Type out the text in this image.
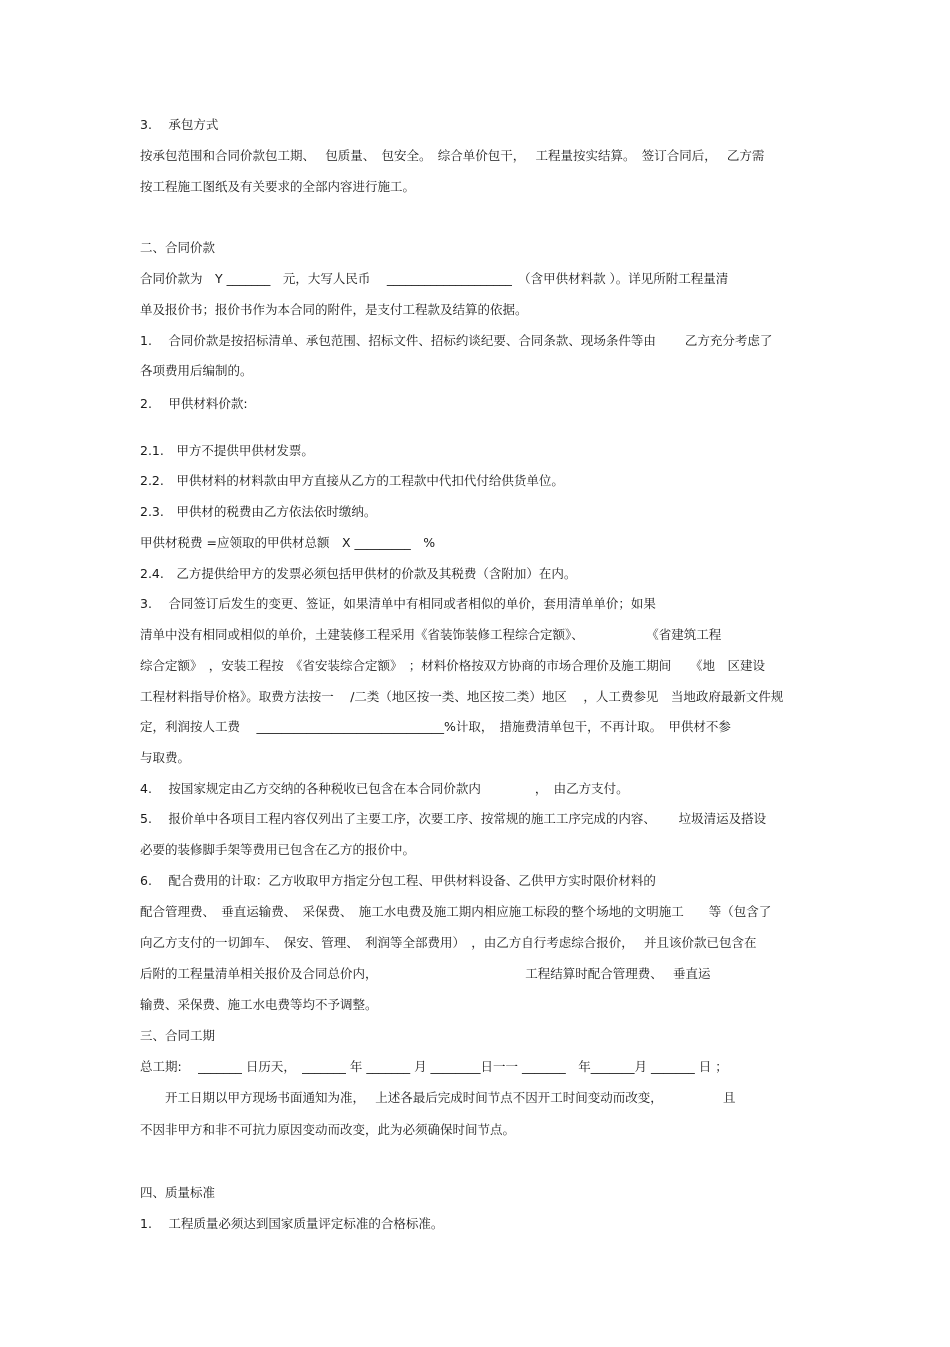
3.　 承包方式
按承包范围和合同价款包工期、　 包质量、　包安全。　综合单价包干，　 工程量按实结算。　签订合同后，　 乙方需
按工程施工图纸及有关要求的全部内容进行施工。
二、合同价款
合同价款为　Y _______　元，大写人民币　 ____________________　（含甲供材料款 ）。详见所附工程量清
单及报价书；报价书作为本合同的附件，是支付工程款及结算的依据。
1.　 合同价款是按招标清单、承包范围、招标文件、招标约谈纪要、合同条款、现场条件等由　　 乙方充分考虑了
各项费用后编制的。
2.　 甲供材料价款:
2.1.　甲方不提供甲供材发票。
2.2.　甲供材料的材料款由甲方直接从乙方的工程款中代扣代付给供货单位。
2.3.　甲供材的税费由乙方依法依时缴纳。
甲供材税费 =应领取的甲供材总额　X _________　%
2.4.　乙方提供给甲方的发票必须包括甲供材的价款及其税费（含附加）在内。
3.　 合同签订后发生的变更、签证，如果清单中有相同或者相似的单价，套用清单单价；如果
清单中没有相同或相似的单价，土建装修工程采用《省装饰装修工程综合定额》、　　　　　　《省建筑工程
综合定额》　，安装工程按　《省安装综合定额》　；材料价格按双方协商的市场合理价及施工期间　　《地　区建设
工程材料指导价格》。取费方法按一　 /二类（地区按一类、地区按二类）地区　 ，人工费参见　当地政府最新文件规
定，利润按人工费　 ______________________________%计取，　措施费清单包干，不再计取。　甲供材不参
与取费。
4.　 按国家规定由乙方交纳的各种税收已包含在本合同价款内　　　　 ，　由乙方支付。
5.　 报价单中各项目工程内容仅列出了主要工序，次要工序、按常规的施工工序完成的内容、　　 垃圾清运及搭设
必要的装修脚手架等费用已包含在乙方的报价中。
6.　 配合费用的计取：乙方收取甲方指定分包工程、甲供材料设备、乙供甲方实时限价材料的
配合管理费、　垂直运输费、　采保费、　施工水电费及施工期内相应施工标段的整个场地的文明施工　　等（包含了
向乙方支付的一切卸车、　保安、管理、　利润等全部费用）　，由乙方自行考虑综合报价，　 并且该价款已包含在
后附的工程量清单相关报价及合同总价内，　　　　　　　　　　　　 工程结算时配合管理费、　 垂直运
输费、采保费、施工水电费等均不予调整。
三、合同工期
总工期:　 _______ 日历天，　_______ 年 _______ 月 ________日一一 _______　年_______月 _______ 日 ；
　　开工日期以甲方现场书面通知为准，　 上述各最后完成时间节点不因开工时间变动而改变，　　　　　 且
不因非甲方和非不可抗力原因变动而改变，此为必须确保时间节点。
四、质量标准
1.　 工程质量必须达到国家质量评定标准的合格标准。
